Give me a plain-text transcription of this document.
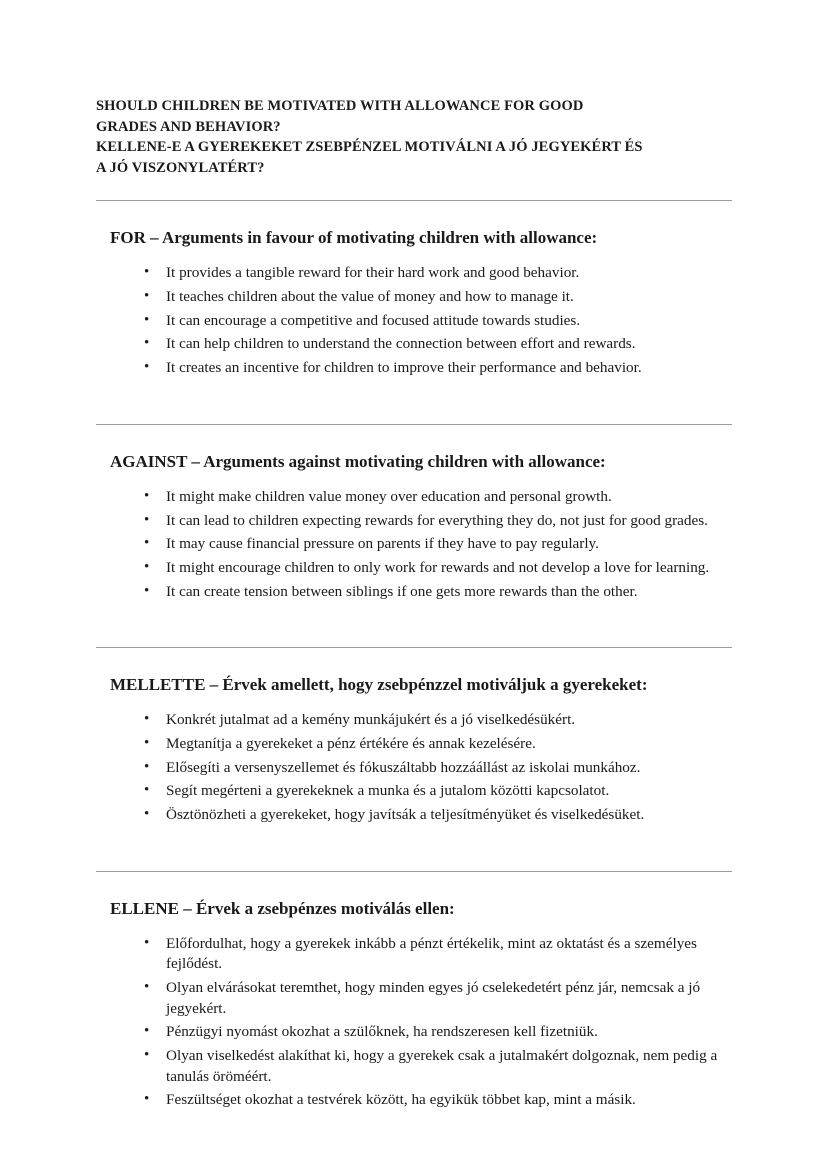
SHOULD CHILDREN BE MOTIVATED WITH ALLOWANCE FOR GOOD
GRADES AND BEHAVIOR?
KELLENE-E A GYEREKEKET ZSEBPÉNZEL MOTIVÁLNI A JÓ JEGYEKÉRT ÉS
A JÓ VISZONYLATÉRT?
FOR – Arguments in favour of motivating children with allowance:
• It provides a tangible reward for their hard work and good behavior.
• It teaches children about the value of money and how to manage it.
• It can encourage a competitive and focused attitude towards studies.
• It can help children to understand the connection between effort and rewards.
• It creates an incentive for children to improve their performance and behavior.
AGAINST – Arguments against motivating children with allowance:
• It might make children value money over education and personal growth.
• It can lead to children expecting rewards for everything they do, not just for good grades.
• It may cause financial pressure on parents if they have to pay regularly.
• It might encourage children to only work for rewards and not develop a love for learning.
• It can create tension between siblings if one gets more rewards than the other.
MELLETTE – Érvek amellett, hogy zsebpénzzel motiváljuk a gyerekeket:
• Konkrét jutalmat ad a kemény munkájukért és a jó viselkedésükért.
• Megtanítja a gyerekeket a pénz értékére és annak kezelésére.
• Elősegíti a versenyszellemet és fókuszáltabb hozzáállást az iskolai munkához.
• Segít megérteni a gyerekeknek a munka és a jutalom közötti kapcsolatot.
• Ösztönözheti a gyerekeket, hogy javítsák a teljesítményüket és viselkedésüket.
ELLENE – Érvek a zsebpénzes motiválás ellen:
• Előfordulhat, hogy a gyerekek inkább a pénzt értékelik, mint az oktatást és a személyes fejlődést.
• Olyan elvárásokat teremthet, hogy minden egyes jó cselekedetért pénz jár, nemcsak a jó jegyekért.
• Pénzügyi nyomást okozhat a szülőknek, ha rendszeresen kell fizetniük.
• Olyan viselkedést alakíthat ki, hogy a gyerekek csak a jutalmakért dolgoznak, nem pedig a tanulás öröméért.
• Feszültséget okozhat a testvérek között, ha egyikük többet kap, mint a másik.
